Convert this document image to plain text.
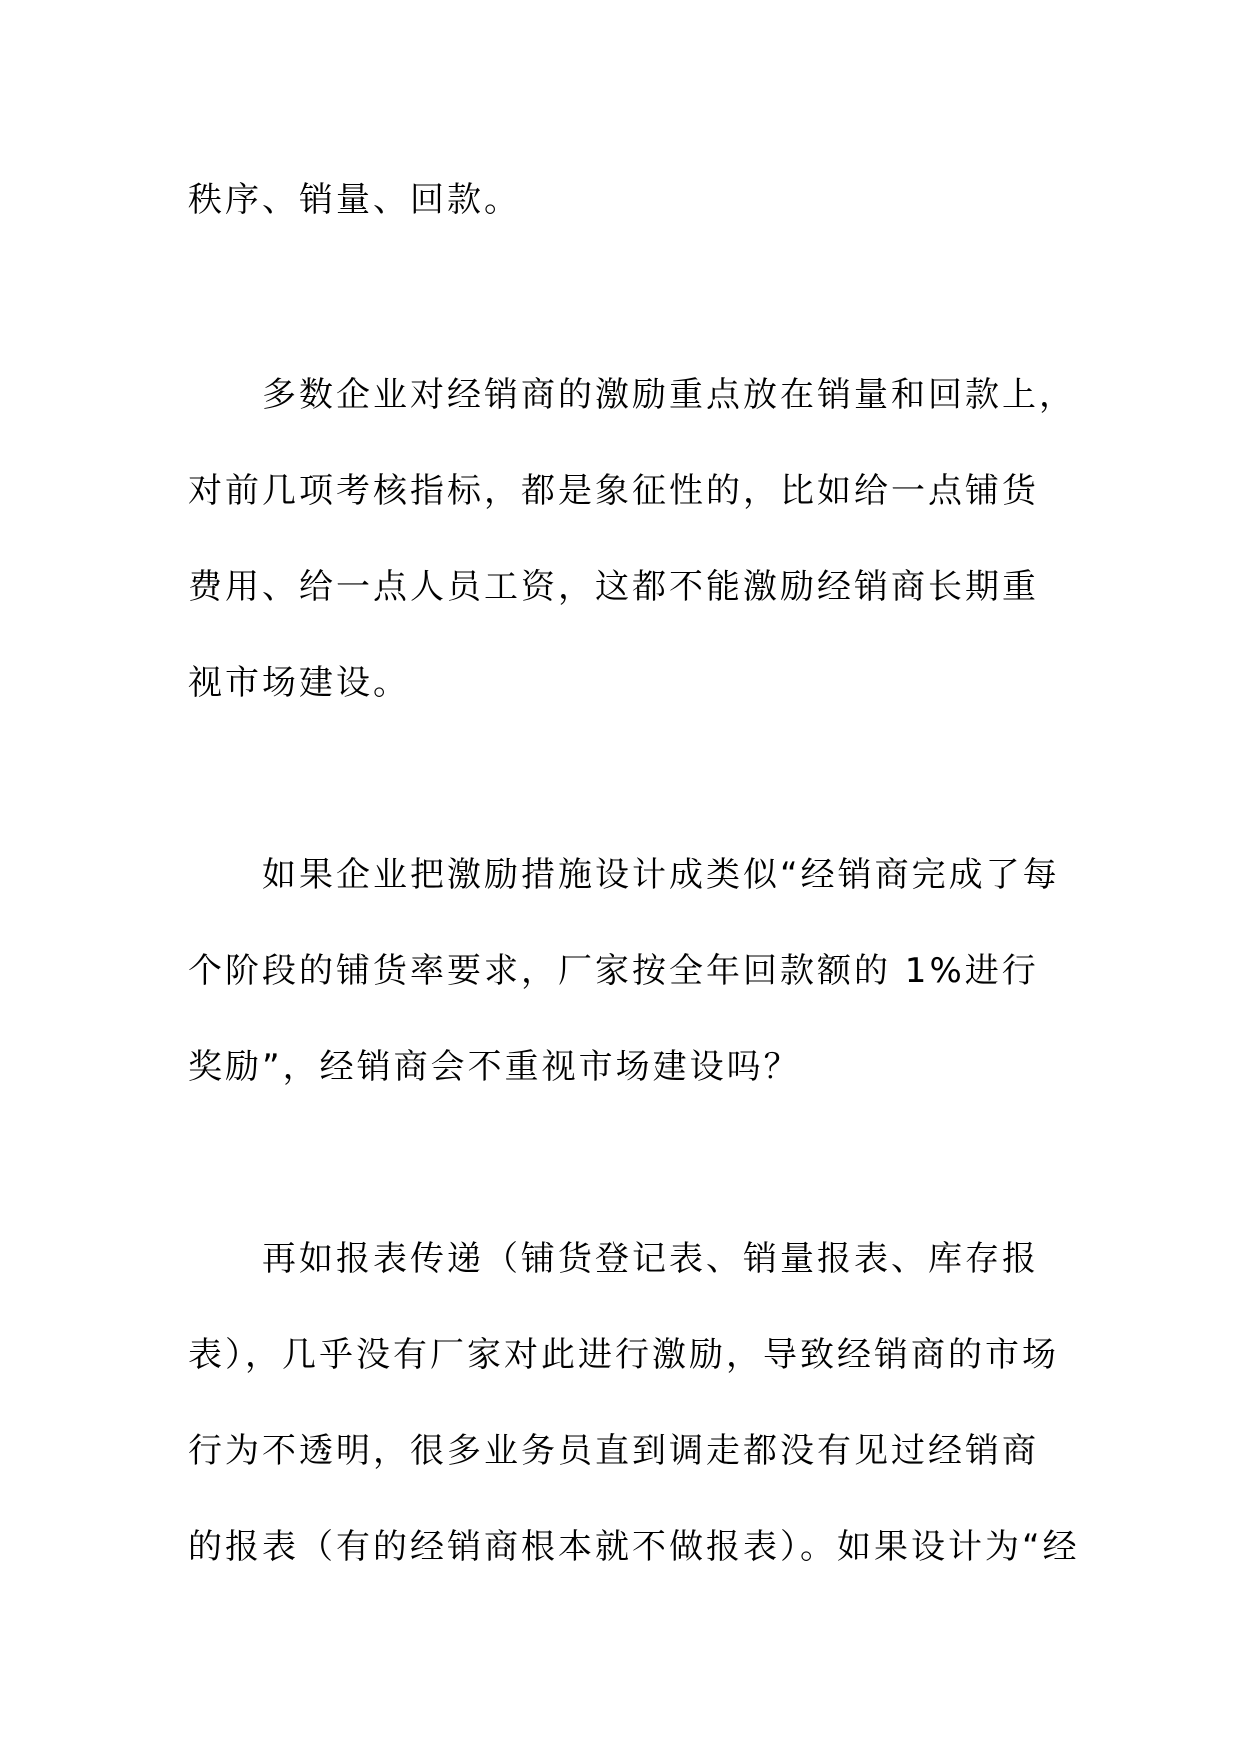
秩序、销量、回款。

多数企业对经销商的激励重点放在销量和回款上，

对前几项考核指标，都是象征性的，比如给一点铺货

费用、给一点人员工资，这都不能激励经销商长期重

视市场建设。

如果企业把激励措施设计成类似“经销商完成了每

个阶段的铺货率要求，厂家按全年回款额的 1%进行

奖励”，经销商会不重视市场建设吗？

再如报表传递（铺货登记表、销量报表、库存报

表），几乎没有厂家对此进行激励，导致经销商的市场

行为不透明，很多业务员直到调走都没有见过经销商

的报表（有的经销商根本就不做报表）。如果设计为“经
